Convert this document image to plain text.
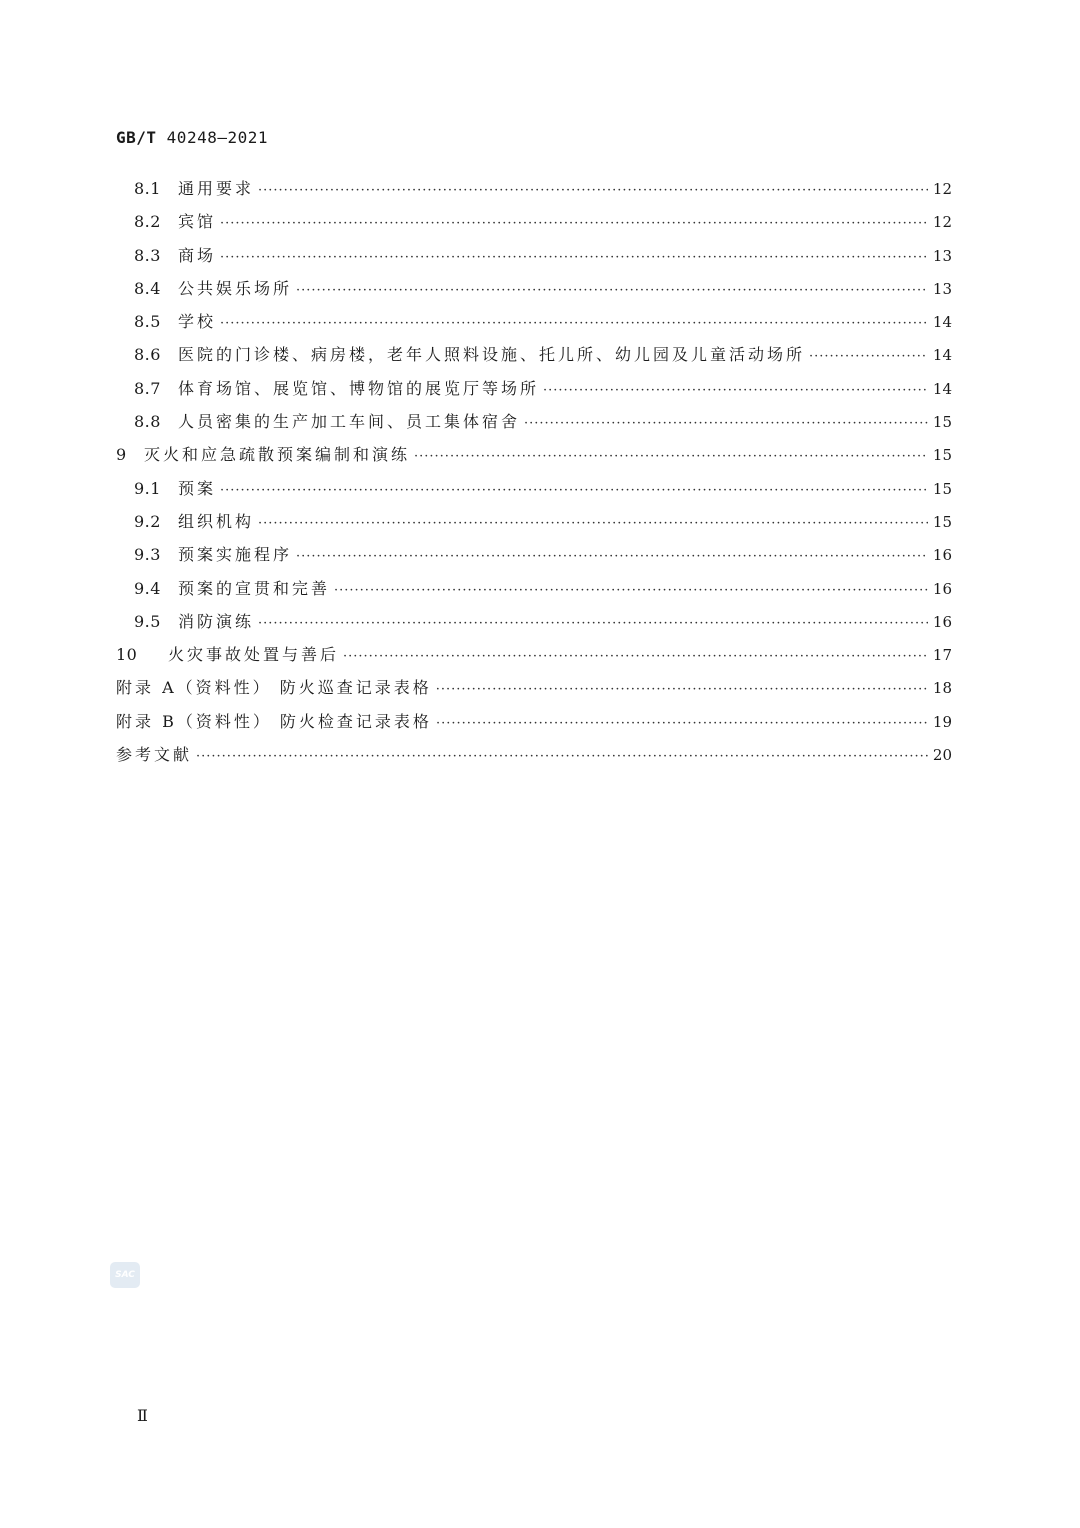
GB/T 40248—2021
8.1	通用要求 ·····	12
8.2	宾馆 ·····	12
8.3	商场 ·····	13
8.4	公共娱乐场所 ·····	13
8.5	学校 ·····	14
8.6	医院的门诊楼、病房楼，老年人照料设施、托儿所、幼儿园及儿童活动场所 ·····	14
8.7	体育场馆、展览馆、博物馆的展览厅等场所 ·····	14
8.8	人员密集的生产加工车间、员工集体宿舍 ·····	15
9	灭火和应急疏散预案编制和演练 ·····	15
9.1	预案 ·····	15
9.2	组织机构 ·····	15
9.3	预案实施程序 ·····	16
9.4	预案的宣贯和完善 ·····	16
9.5	消防演练 ·····	16
10	火灾事故处置与善后 ·····	17
附录 A（资料性） 防火巡查记录表格 ·····	18
附录 B（资料性） 防火检查记录表格 ·····	19
参考文献 ·····	20
SAC
Ⅱ
